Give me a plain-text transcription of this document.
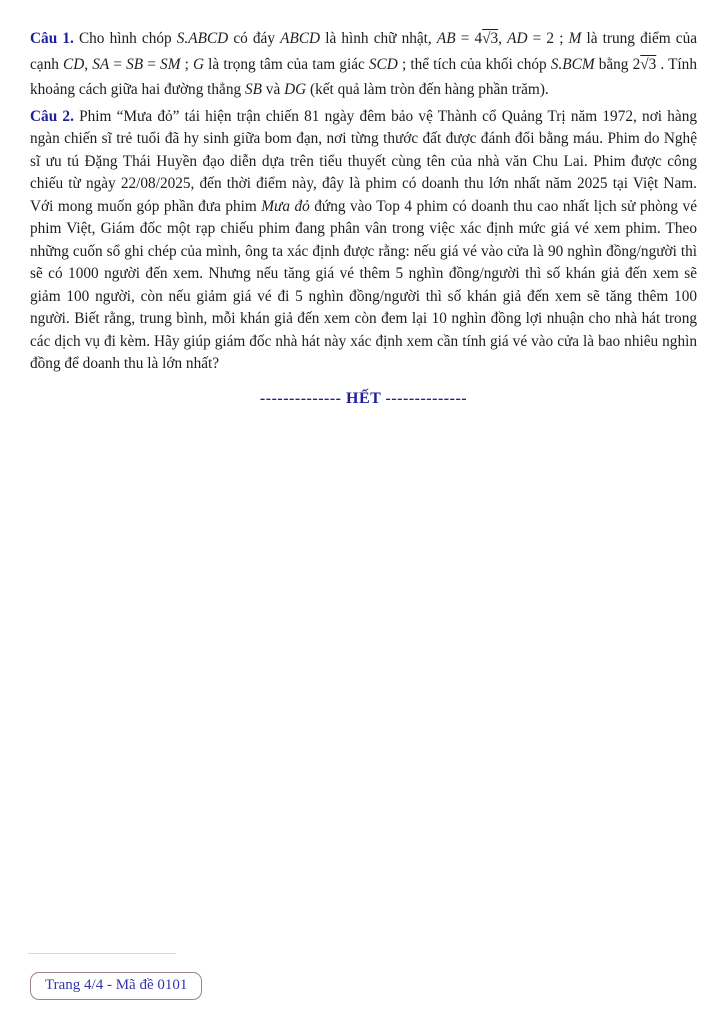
Câu 1. Cho hình chóp S.ABCD có đáy ABCD là hình chữ nhật, AB = 4√3, AD = 2 ; M là trung điểm của cạnh CD, SA = SB = SM ; G là trọng tâm của tam giác SCD ; thể tích của khối chóp S.BCM bằng 2√3 . Tính khoảng cách giữa hai đường thẳng SB và DG (kết quả làm tròn đến hàng phần trăm).

Câu 2. Phim “Mưa đỏ” tái hiện trận chiến 81 ngày đêm bảo vệ Thành cổ Quảng Trị năm 1972, nơi hàng ngàn chiến sĩ trẻ tuổi đã hy sinh giữa bom đạn, nơi từng thước đất được đánh đổi bằng máu. Phim do Nghệ sĩ ưu tú Đặng Thái Huyền đạo diễn dựa trên tiểu thuyết cùng tên của nhà văn Chu Lai. Phim được công chiếu từ ngày 22/08/2025, đến thời điểm này, đây là phim có doanh thu lớn nhất năm 2025 tại Việt Nam. Với mong muốn góp phần đưa phim Mưa đỏ đứng vào Top 4 phim có doanh thu cao nhất lịch sử phòng vé phim Việt, Giám đốc một rạp chiếu phim đang phân vân trong việc xác định mức giá vé xem phim. Theo những cuốn sổ ghi chép của mình, ông ta xác định được rằng: nếu giá vé vào cửa là 90 nghìn đồng/người thì sẽ có 1000 người đến xem. Nhưng nếu tăng giá vé thêm 5 nghìn đồng/người thì số khán giả đến xem sẽ giảm 100 người, còn nếu giảm giá vé đi 5 nghìn đồng/người thì số khán giả đến xem sẽ tăng thêm 100 người. Biết rằng, trung bình, mỗi khán giả đến xem còn đem lại 10 nghìn đồng lợi nhuận cho nhà hát trong các dịch vụ đi kèm. Hãy giúp giám đốc nhà hát này xác định xem cần tính giá vé vào cửa là bao nhiêu nghìn đồng để doanh thu là lớn nhất?

-------------- HẾT --------------

Trang 4/4 - Mã đề 0101
